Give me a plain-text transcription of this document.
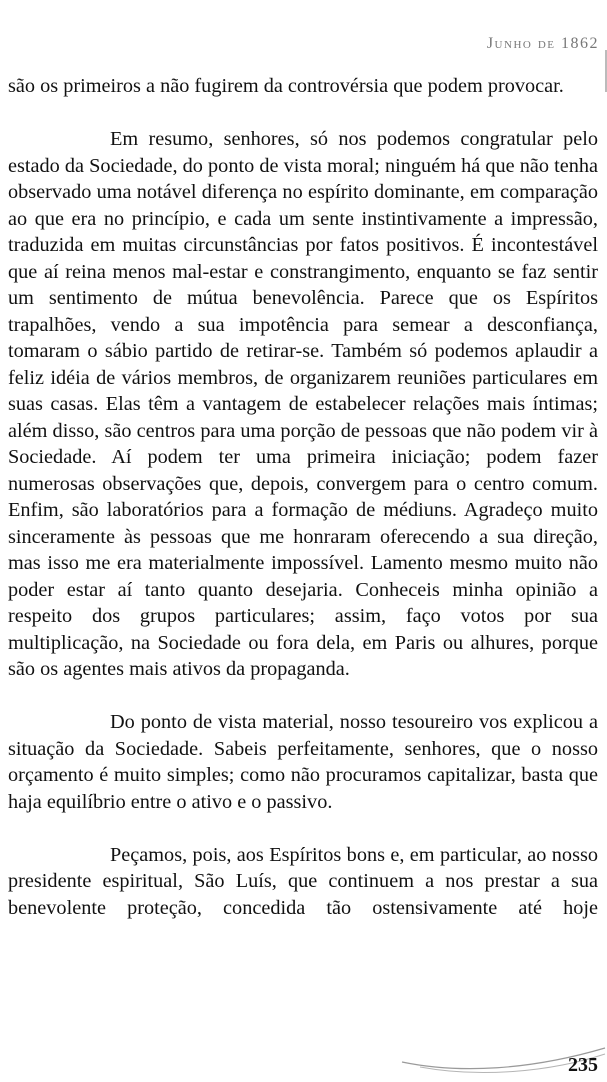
Junho de 1862

são os primeiros a não fugirem da controvérsia que podem provocar.

Em resumo, senhores, só nos podemos congratular pelo estado da Sociedade, do ponto de vista moral; ninguém há que não tenha observado uma notável diferença no espírito dominante, em comparação ao que era no princípio, e cada um sente instintivamente a impressão, traduzida em muitas circunstâncias por fatos positivos. É incontestável que aí reina menos mal-estar e constrangimento, enquanto se faz sentir um sentimento de mútua benevolência. Parece que os Espíritos trapalhões, vendo a sua impotência para semear a desconfiança, tomaram o sábio partido de retirar-se. Também só podemos aplaudir a feliz idéia de vários membros, de organizarem reuniões particulares em suas casas. Elas têm a vantagem de estabelecer relações mais íntimas; além disso, são centros para uma porção de pessoas que não podem vir à Sociedade. Aí podem ter uma primeira iniciação; podem fazer numerosas observações que, depois, convergem para o centro comum. Enfim, são laboratórios para a formação de médiuns. Agradeço muito sinceramente às pessoas que me honraram oferecendo a sua direção, mas isso me era materialmente impossível. Lamento mesmo muito não poder estar aí tanto quanto desejaria. Conheceis minha opinião a respeito dos grupos particulares; assim, faço votos por sua multiplicação, na Sociedade ou fora dela, em Paris ou alhures, porque são os agentes mais ativos da propaganda.

Do ponto de vista material, nosso tesoureiro vos explicou a situação da Sociedade. Sabeis perfeitamente, senhores, que o nosso orçamento é muito simples; como não procuramos capitalizar, basta que haja equilíbrio entre o ativo e o passivo.

Peçamos, pois, aos Espíritos bons e, em particular, ao nosso presidente espiritual, São Luís, que continuem a nos prestar a sua benevolente proteção, concedida tão ostensivamente até hoje

235
